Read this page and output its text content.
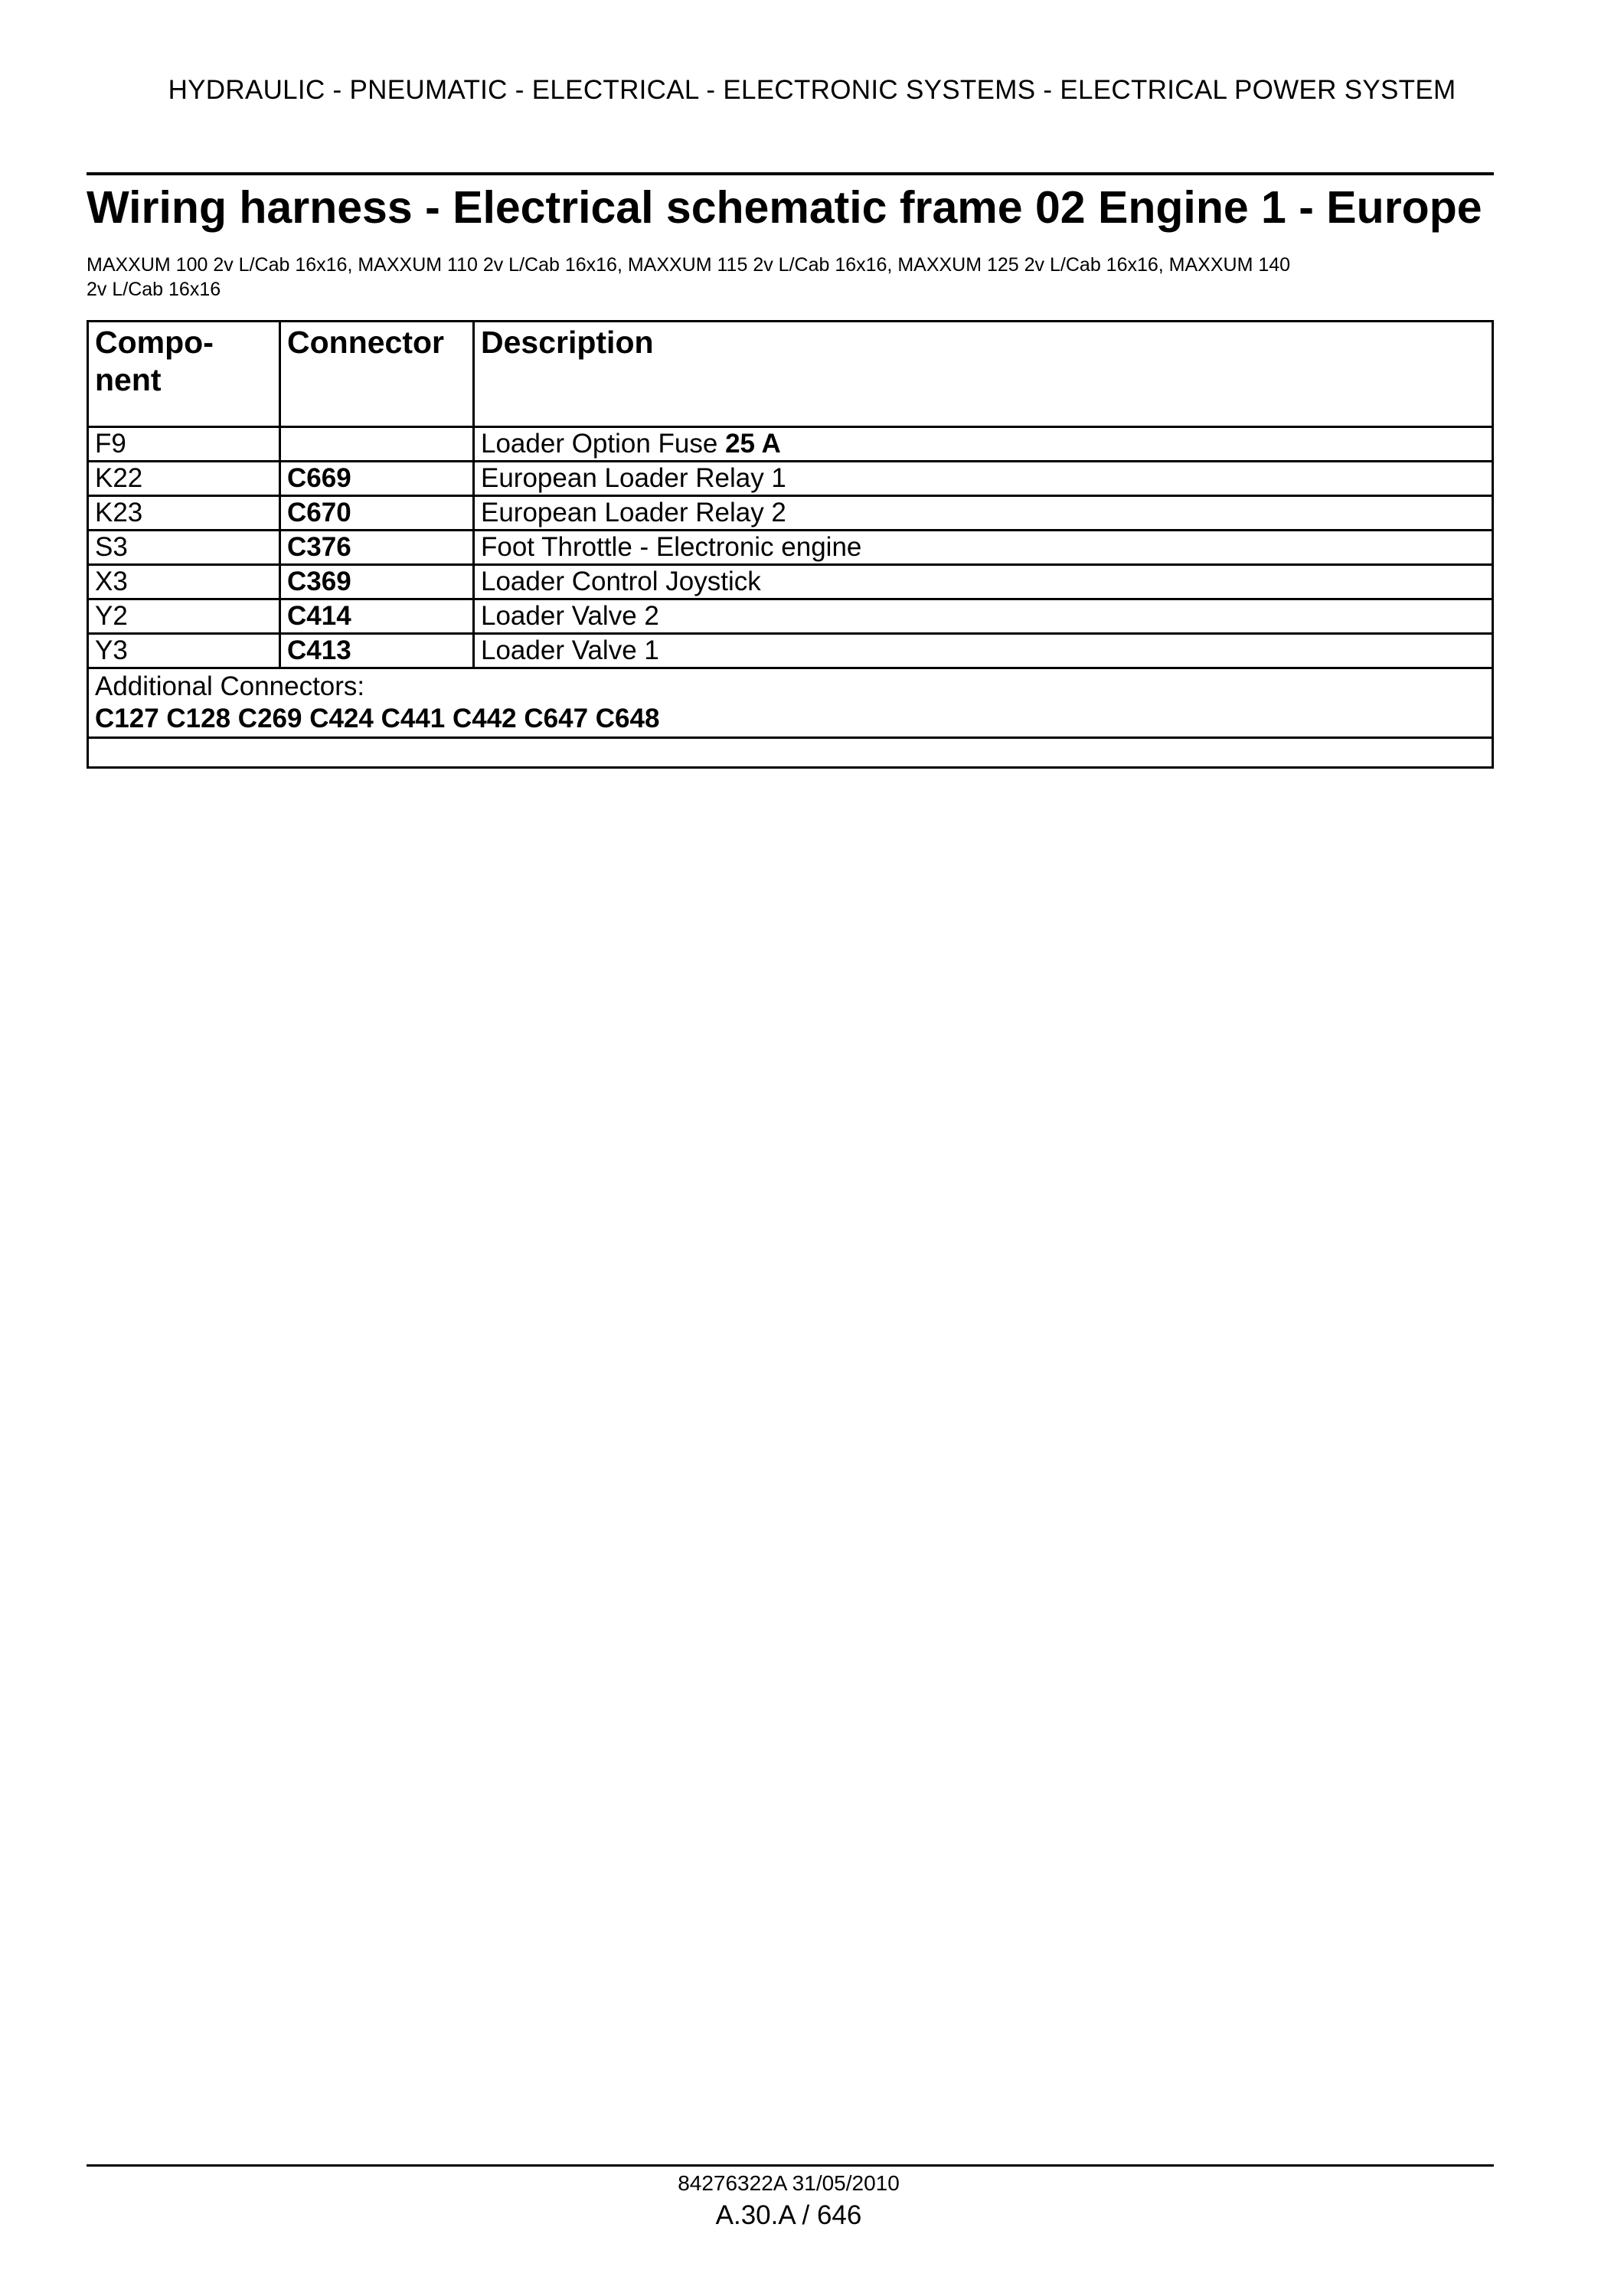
HYDRAULIC - PNEUMATIC - ELECTRICAL - ELECTRONIC SYSTEMS - ELECTRICAL POWER SYSTEM
Wiring harness - Electrical schematic frame 02 Engine 1 - Europe
MAXXUM 100 2v L/Cab 16x16, MAXXUM 110 2v L/Cab 16x16, MAXXUM 115 2v L/Cab 16x16, MAXXUM 125 2v L/Cab 16x16, MAXXUM 140
2v L/Cab 16x16
Compo-
nent	Connector	Description
F9		Loader Option Fuse 25 A
K22	C669	European Loader Relay 1
K23	C670	European Loader Relay 2
S3	C376	Foot Throttle - Electronic engine
X3	C369	Loader Control Joystick
Y2	C414	Loader Valve 2
Y3	C413	Loader Valve 1

Additional Connectors:
C127 C128 C269 C424 C441 C442 C647 C648		

84276322A 31/05/2010
A.30.A / 646
